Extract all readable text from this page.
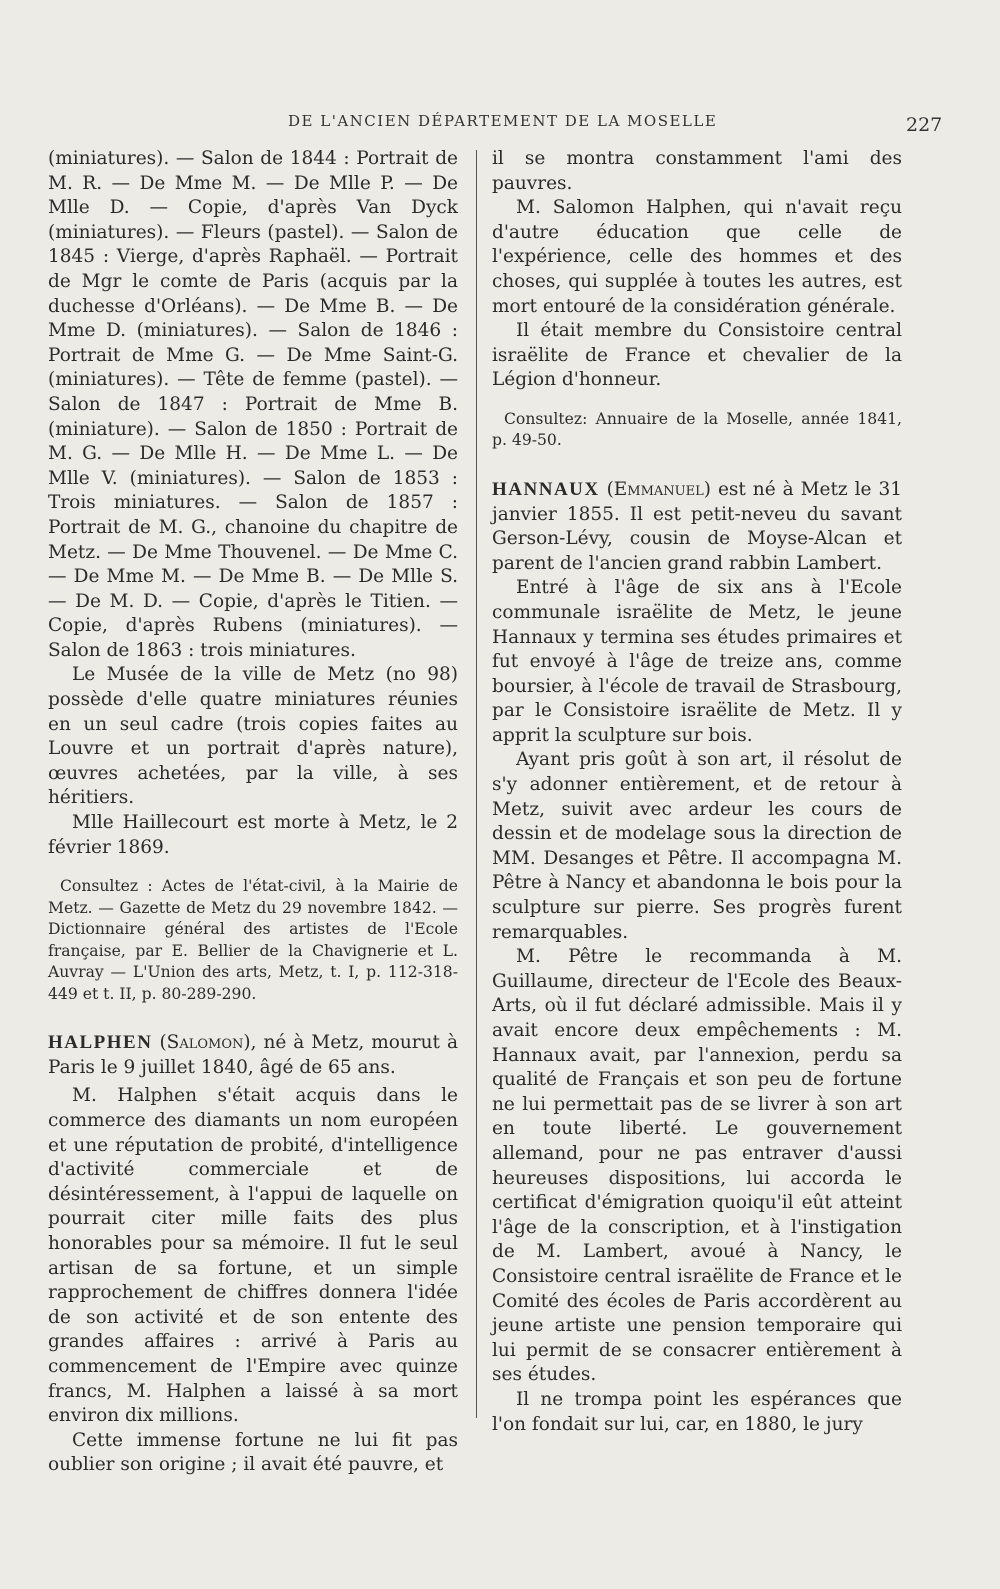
DE L'ANCIEN DÉPARTEMENT DE LA MOSELLE	227

(miniatures). — Salon de 1844 : Portrait de M. R. — De Mme M. — De Mlle P. — De Mlle D. — Copie, d'après Van Dyck (miniatures). — Fleurs (pastel). — Salon de 1845 : Vierge, d'après Raphaël. — Portrait de Mgr le comte de Paris (acquis par la duchesse d'Orléans). — De Mme B. — De Mme D. (miniatures). — Salon de 1846 : Portrait de Mme G. — De Mme Saint-G. (miniatures). — Tête de femme (pastel). — Salon de 1847 : Portrait de Mme B. (miniature). — Salon de 1850 : Portrait de M. G. — De Mlle H. — De Mme L. — De Mlle V. (miniatures). — Salon de 1853 : Trois miniatures. — Salon de 1857 : Portrait de M. G., chanoine du chapitre de Metz. — De Mme Thouvenel. — De Mme C. — De Mme M. — De Mme B. — De Mlle S. — De M. D. — Copie, d'après le Titien. — Copie, d'après Rubens (miniatures). — Salon de 1863 : trois miniatures.

Le Musée de la ville de Metz (no 98) possède d'elle quatre miniatures réunies en un seul cadre (trois copies faites au Louvre et un portrait d'après nature), œuvres achetées, par la ville, à ses héritiers.

Mlle Haillecourt est morte à Metz, le 2 février 1869.

Consultez : Actes de l'état-civil, à la Mairie de Metz. — Gazette de Metz du 29 novembre 1842. — Dictionnaire général des artistes de l'Ecole française, par E. Bellier de la Chavignerie et L. Auvray — L'Union des arts, Metz, t. I, p. 112-318-449 et t. II, p. 80-289-290.
HALPHEN (Salomon), né à Metz, mourut à Paris le 9 juillet 1840, âgé de 65 ans.

M. Halphen s'était acquis dans le commerce des diamants un nom européen et une réputation de probité, d'intelligence d'activité commerciale et de désintéressement, à l'appui de laquelle on pourrait citer mille faits des plus honorables pour sa mémoire. Il fut le seul artisan de sa fortune, et un simple rapprochement de chiffres donnera l'idée de son activité et de son entente des grandes affaires : arrivé à Paris au commencement de l'Empire avec quinze francs, M. Halphen a laissé à sa mort environ dix millions.

Cette immense fortune ne lui fit pas oublier son origine ; il avait été pauvre, et

il se montra constamment l'ami des pauvres.

M. Salomon Halphen, qui n'avait reçu d'autre éducation que celle de l'expérience, celle des hommes et des choses, qui supplée à toutes les autres, est mort entouré de la considération générale.

Il était membre du Consistoire central israëlite de France et chevalier de la Légion d'honneur.

Consultez: Annuaire de la Moselle, année 1841, p. 49-50.
HANNAUX (Emmanuel) est né à Metz le 31 janvier 1855. Il est petit-neveu du savant Gerson-Lévy, cousin de Moyse-Alcan et parent de l'ancien grand rabbin Lambert.

Entré à l'âge de six ans à l'Ecole communale israëlite de Metz, le jeune Hannaux y termina ses études primaires et fut envoyé à l'âge de treize ans, comme boursier, à l'école de travail de Strasbourg, par le Consistoire israëlite de Metz. Il y apprit la sculpture sur bois.

Ayant pris goût à son art, il résolut de s'y adonner entièrement, et de retour à Metz, suivit avec ardeur les cours de dessin et de modelage sous la direction de MM. Desanges et Pêtre. Il accompagna M. Pêtre à Nancy et abandonna le bois pour la sculpture sur pierre. Ses progrès furent remarquables.

M. Pêtre le recommanda à M. Guillaume, directeur de l'Ecole des Beaux-Arts, où il fut déclaré admissible. Mais il y avait encore deux empêchements : M. Hannaux avait, par l'annexion, perdu sa qualité de Français et son peu de fortune ne lui permettait pas de se livrer à son art en toute liberté. Le gouvernement allemand, pour ne pas entraver d'aussi heureuses dispositions, lui accorda le certificat d'émigration quoiqu'il eût atteint l'âge de la conscription, et à l'instigation de M. Lambert, avoué à Nancy, le Consistoire central israëlite de France et le Comité des écoles de Paris accordèrent au jeune artiste une pension temporaire qui lui permit de se consacrer entièrement à ses études.

Il ne trompa point les espérances que l'on fondait sur lui, car, en 1880, le jury
